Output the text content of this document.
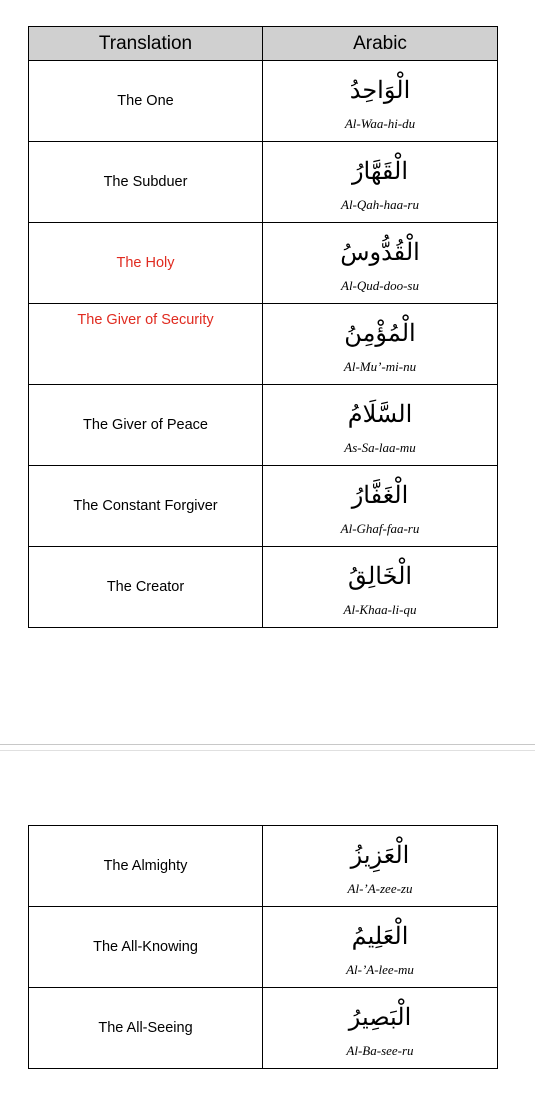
Translation	Arabic
The One	الْوَاحِدُ
Al-Waa-hi-du

The Subduer	الْقَهَّارُ
Al-Qah-haa-ru

The Holy	الْقُدُّوسُ
Al-Qud-doo-su

The Giver of Security	الْمُؤْمِنُ
Al-Mu’-mi-nu

The Giver of Peace	السَّلَامُ
As-Sa-laa-mu

The Constant Forgiver	الْغَفَّارُ
Al-Ghaf-faa-ru

The Creator	الْخَالِقُ
Al-Khaa-li-qu
The Almighty	الْعَزِيزُ
Al-’A-zee-zu

The All-Knowing	الْعَلِيمُ
Al-’A-lee-mu

The All-Seeing	الْبَصِيرُ
Al-Ba-see-ru
